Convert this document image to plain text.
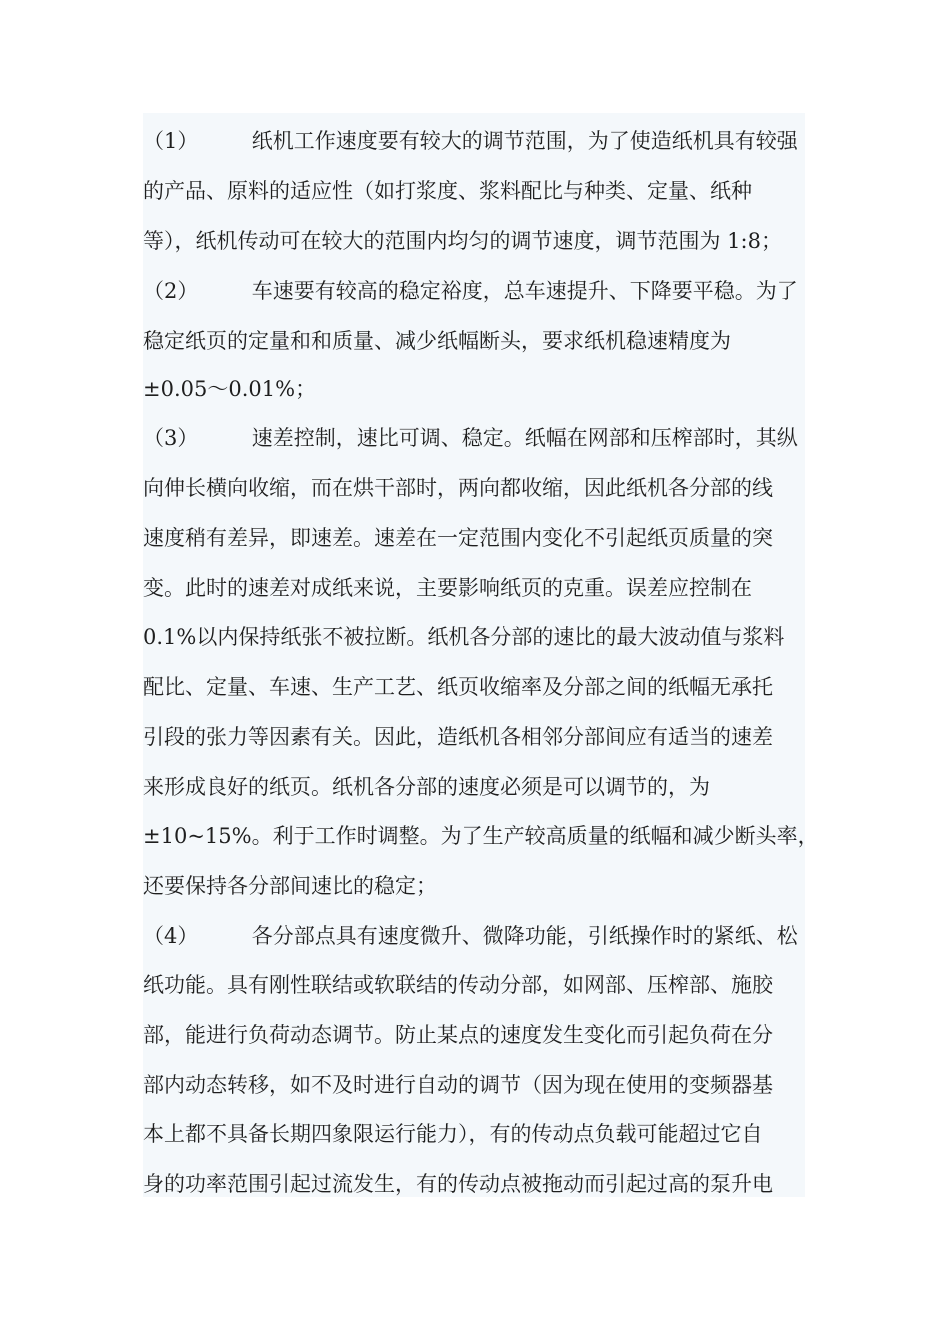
（1）        纸机工作速度要有较大的调节范围，为了使造纸机具有较强
的产品、原料的适应性（如打浆度、浆料配比与种类、定量、纸种
等），纸机传动可在较大的范围内均匀的调节速度，调节范围为 1:8；
（2）        车速要有较高的稳定裕度，总车速提升、下降要平稳。为了
稳定纸页的定量和和质量、减少纸幅断头，要求纸机稳速精度为
±0.05～0.01%；
（3）        速差控制，速比可调、稳定。纸幅在网部和压榨部时，其纵
向伸长横向收缩，而在烘干部时，两向都收缩，因此纸机各分部的线
速度稍有差异，即速差。速差在一定范围内变化不引起纸页质量的突
变。此时的速差对成纸来说，主要影响纸页的克重。误差应控制在
0.1%以内保持纸张不被拉断。纸机各分部的速比的最大波动值与浆料
配比、定量、车速、生产工艺、纸页收缩率及分部之间的纸幅无承托
引段的张力等因素有关。因此，造纸机各相邻分部间应有适当的速差
来形成良好的纸页。纸机各分部的速度必须是可以调节的，为
±10~15%。利于工作时调整。为了生产较高质量的纸幅和减少断头率，
还要保持各分部间速比的稳定；
（4）        各分部点具有速度微升、微降功能，引纸操作时的紧纸、松
纸功能。具有刚性联结或软联结的传动分部，如网部、压榨部、施胶
部，能进行负荷动态调节。防止某点的速度发生变化而引起负荷在分
部内动态转移，如不及时进行自动的调节（因为现在使用的变频器基
本上都不具备长期四象限运行能力），有的传动点负载可能超过它自
身的功率范围引起过流发生，有的传动点被拖动而引起过高的泵升电
